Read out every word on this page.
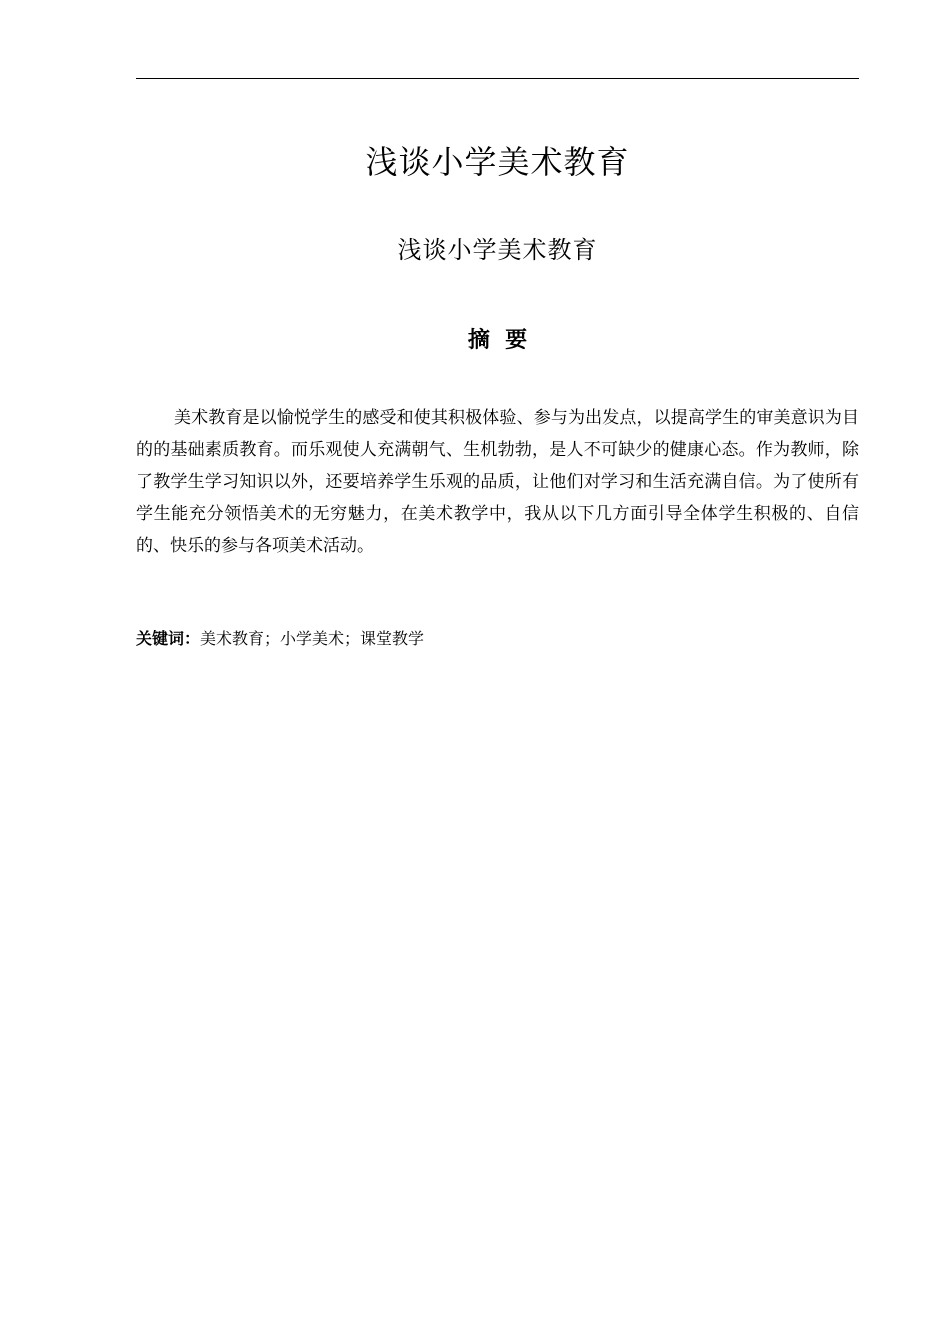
浅谈小学美术教育
浅谈小学美术教育
摘  要

美术教育是以愉悦学生的感受和使其积极体验、参与为出发点，以提高学生的审美意识为目的的基础素质教育。而乐观使人充满朝气、生机勃勃，是人不可缺少的健康心态。作为教师，除了教学生学习知识以外，还要培养学生乐观的品质，让他们对学习和生活充满自信。为了使所有学生能充分领悟美术的无穷魅力，在美术教学中，我从以下几方面引导全体学生积极的、自信的、快乐的参与各项美术活动。

关键词：美术教育；小学美术；课堂教学
